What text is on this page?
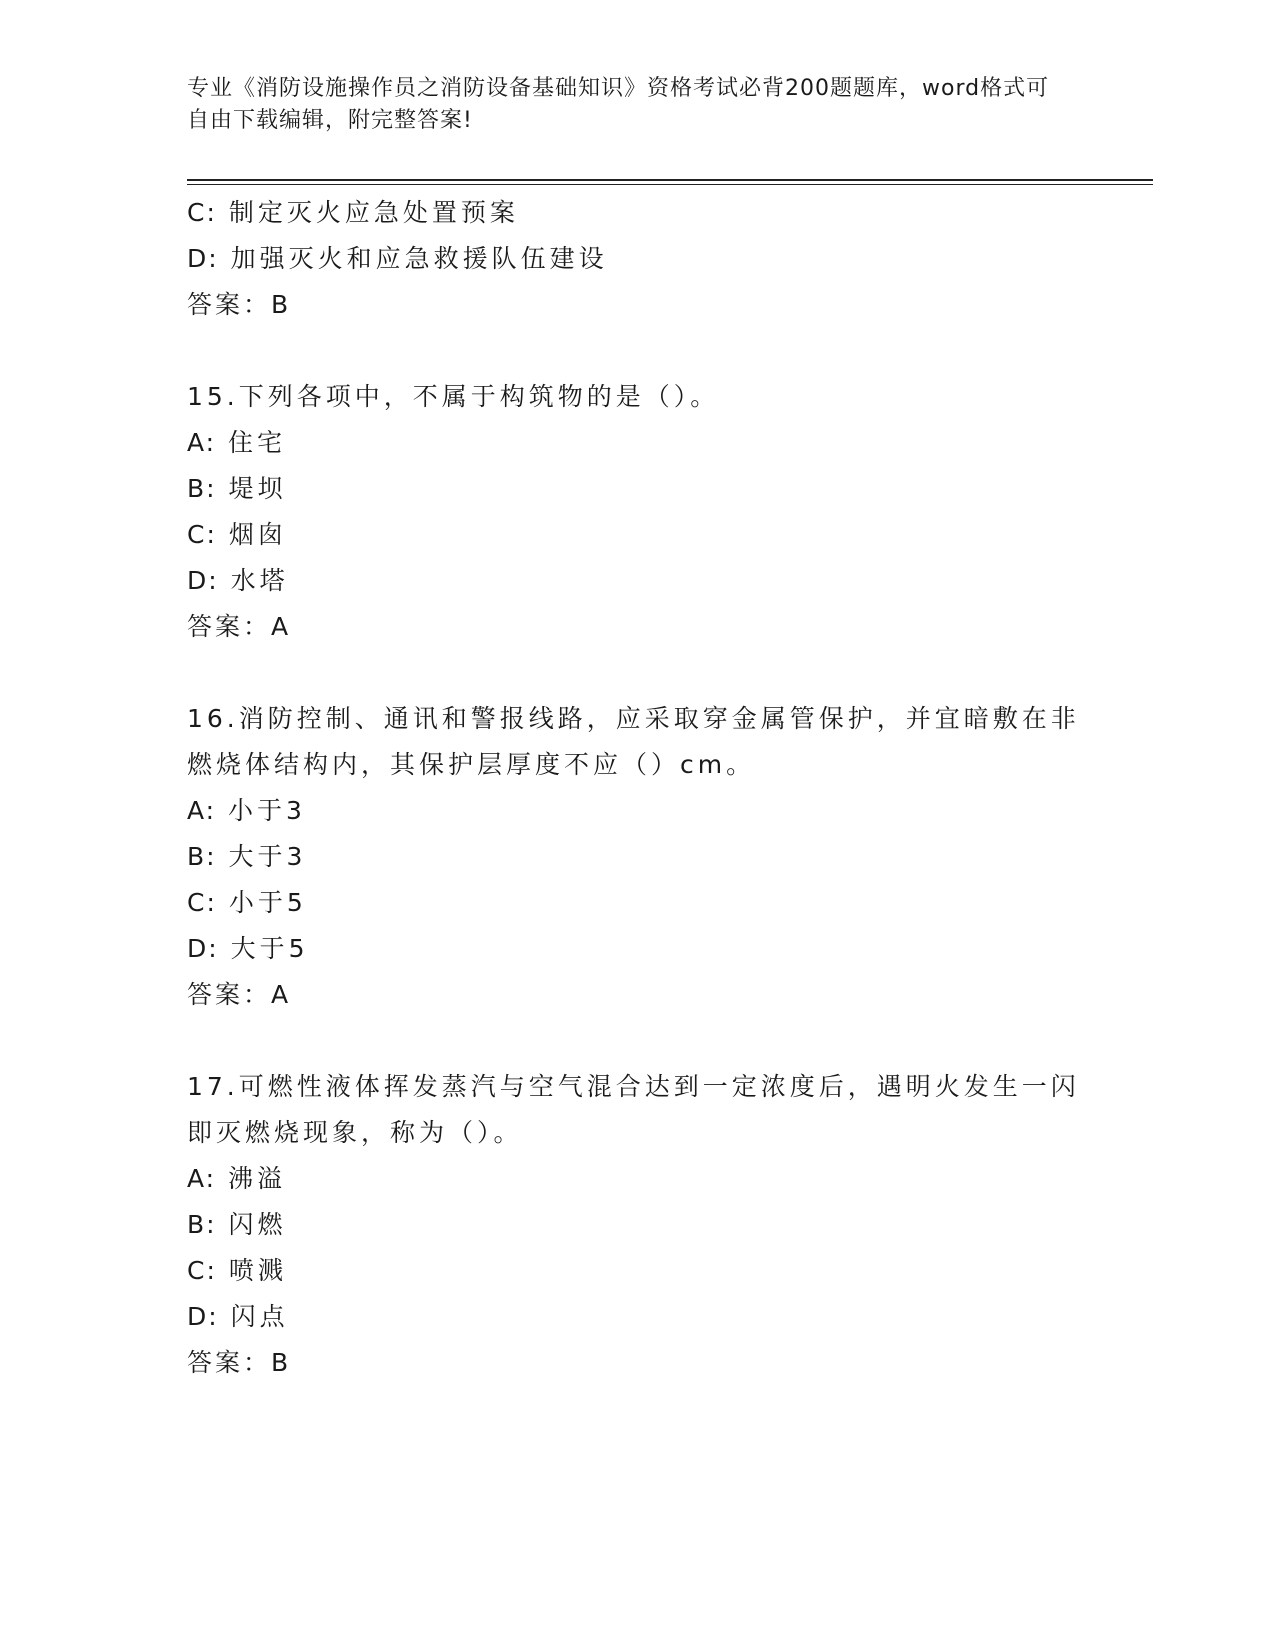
专业《消防设施操作员之消防设备基础知识》资格考试必背200题题库，word格式可自由下载编辑，附完整答案!
C: 制定灭火应急处置预案
D: 加强灭火和应急救援队伍建设
答案：B
15.下列各项中，不属于构筑物的是（）。
A: 住宅
B: 堤坝
C: 烟囱
D: 水塔
答案：A
16.消防控制、通讯和警报线路，应采取穿金属管保护，并宜暗敷在非燃烧体结构内，其保护层厚度不应（）cm。
A: 小于3
B: 大于3
C: 小于5
D: 大于5
答案：A
17.可燃性液体挥发蒸汽与空气混合达到一定浓度后，遇明火发生一闪即灭燃烧现象，称为（）。
A: 沸溢
B: 闪燃
C: 喷溅
D: 闪点
答案：B
